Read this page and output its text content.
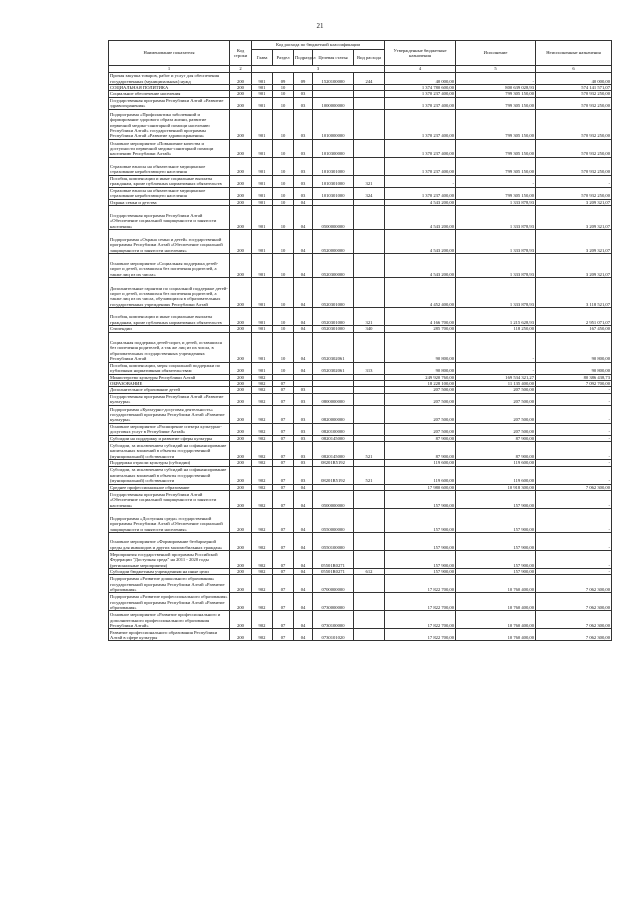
21
Наименование показателя	Код строки	Код расхода по бюджетной классификации					Утвержденные бюджетные назначения	Исполнение	Неисполненные назначения
		Глава	Раздел	Подраздел	Целевая статья	Вид расхода			
1	2	3					4	5	6
Прочая закупка товаров, работ и услуг для обеспечения государственных (муниципальных) нужд	200	901	09	09	1520100000	244	40 000,00	-	40 000,00
СОЦИАЛЬНАЯ ПОЛИТИКА	200	901	10				1 374 780 600,00	800 639 028,93	574 141 571,07
Социальное обеспечение населения	200	901	10	03			1 370 237 400,00	799 305 150,00	570 932 250,00
Государственная программа Республики Алтай «Развитие здравоохранения»	200	901	10	03	1000000000		1 370 237 400,00	799 305 150,00	570 932 250,00
Подпрограмма «Профилактика заболеваний и формирование здорового образа жизни, развитие первичной медико-санитарной помощи населению Республики Алтай» государственной программы Республики Алтай «Развитие здравоохранения»	200	901	10	03	1010000000		1 370 237 400,00	799 305 150,00	570 932 250,00
Основное мероприятие «Повышение качества и доступности первичной медико-санитарной помощи населению Республики Алтай»	200	901	10	03	1010300000		1 370 237 400,00	799 305 150,00	570 932 250,00
Страховые взносы на обязательное медицинское страхование неработающего населения	200	901	10	03	1010301000		1 370 237 400,00	799 305 150,00	570 932 250,00
Пособия, компенсации и иные социальные выплаты гражданам, кроме публичных нормативных обязательств	200	901	10	03	1010301000	321	-	-	-
Страховые взносы на обязательное медицинское страхование неработающего населения	200	901	10	03	1010301000	324	1 370 237 400,00	799 305 150,00	570 932 250,00
Охрана семьи и детства	200	901	10	04			4 543 200,00	1 333 878,93	3 209 321,07
Государственная программа Республики Алтай «Обеспечение социальной защищенности и занятости населения»	200	901	10	04	0500000000		4 543 200,00	1 333 878,93	3 209 321,07
Подпрограмма «Охрана семьи и детей» государственной программы Республики Алтай «Обеспечение социальной защищенности и занятости населения»	200	901	10	04	0520000000		4 543 200,00	1 333 878,93	3 209 321,07
Основное мероприятие «Социальная поддержка детей-сирот и детей, оставшихся без попечения родителей, а также лиц из их числа»	200	901	10	04	0520300000		4 543 200,00	1 333 878,93	3 209 321,07
Дополнительные гарантии по социальной поддержке детей-сирот и детей, оставшихся без попечения родителей, а также лиц из их числа, обучающихся в образовательных государственных учреждениях Республики Алтай	200	901	10	04	0520301000		4 452 400,00	1 333 878,93	3 118 521,07
Пособия, компенсации и иные социальные выплаты гражданам, кроме публичных нормативных обязательств	200	901	10	04	0520301000	321	4 166 700,00	1 215 628,93	2 951 071,07
Стипендии	200	901	10	04	0520301000	340	285 700,00	118 250,00	167 450,00
Социальная поддержка детей-сирот, и детей, оставшихся без попечения родителей, а так же лиц из их числа, в образовательных государственных учреждениях Республики Алтай	200	901	10	04	0520302061		90 800,00	-	90 800,00
Пособия, компенсации, меры социальной поддержки по публичным нормативным обязательствам	200	901	10	04	0520302061	313	90 800,00	-	90 800,00
Министерство культуры Республики Алтай	200	902					249 920 760,00	169 534 321,27	80 386 438,73
ОБРАЗОВАНИЕ	200	902	07				18 228 100,00	11 135 400,00	7 092 700,00
Дополнительное образование детей	200	902	07	03			207 500,00	207 500,00	-
Государственная программа Республики Алтай «Развитие культуры»	200	902	07	03	0800000000		207 500,00	207 500,00	-
Подпрограмма «Культурно-досуговая деятельность» государственной программы Республики Алтай «Развитие культуры»	200	902	07	03	0820000000		207 500,00	207 500,00	-
Основное мероприятие «Расширение спектра культурно-досуговых услуг в Республике Алтай»	200	902	07	03	0820100000		207 500,00	207 500,00	-
Субсидии на поддержку и развитие сферы культуры	200	902	07	03	0820145000		87 900,00	87 900,00	-
Субсидии, за исключением субсидий на софинансирование капитальных вложений в объекты государственной (муниципальной) собственности	200	902	07	03	0820145000	521	87 900,00	87 900,00	-
Поддержка отрасли культуры (субсидии)	200	902	07	03	08201R5192		119 600,00	119 600,00	-
Субсидии, за исключением субсидий на софинансирование капитальных вложений в объекты государственной (муниципальной) собственности	200	902	07	03	08201R5192	521	119 600,00	119 600,00	-
Среднее профессиональное образование	200	902	07	04			17 980 600,00	10 918 300,00	7 062 300,00
Государственная программа Республики Алтай «Обеспечение социальной защищенности и занятости населения»	200	902	07	04	0500000000		157 900,00	157 900,00	-
Подпрограмма «Доступная среда» государственной программы Республики Алтай «Обеспечение социальной защищенности и занятости населения»	200	902	07	04	0550000000		157 900,00	157 900,00	-
Основное мероприятие «Формирование безбарьерной среды для инвалидов и других маломобильных граждан»	200	902	07	04	0550100000		157 900,00	157 900,00	-
Мероприятия государственной программы Российской Федерации "Доступная среда" на 2011 - 2020 годы (региональные мероприятия)	200	902	07	04	05501R0271		157 900,00	157 900,00	-
Субсидии бюджетным учреждениям на иные цели	200	902	07	04	05501R0271	612	157 900,00	157 900,00	-
Подпрограмма «Развитие дошкольного образования» государственной программы Республики Алтай «Развитие образования»	200	902	07	04	0700000000		17 822 700,00	10 760 400,00	7 062 300,00
Подпрограмма «Развитие профессионального образования» государственной программы Республики Алтай «Развитие образования»	200	902	07	04	0730000000		17 822 700,00	10 760 400,00	7 062 300,00
Основное мероприятие «Развитие профессионального и дополнительного профессионального образования Республики Алтай»	200	902	07	04	0730100000		17 822 700,00	10 760 400,00	7 062 300,00
Развитие профессионального образования Республики Алтай в сфере культуры	200	902	07	04	0730101020		17 822 700,00	10 760 400,00	7 062 300,00
